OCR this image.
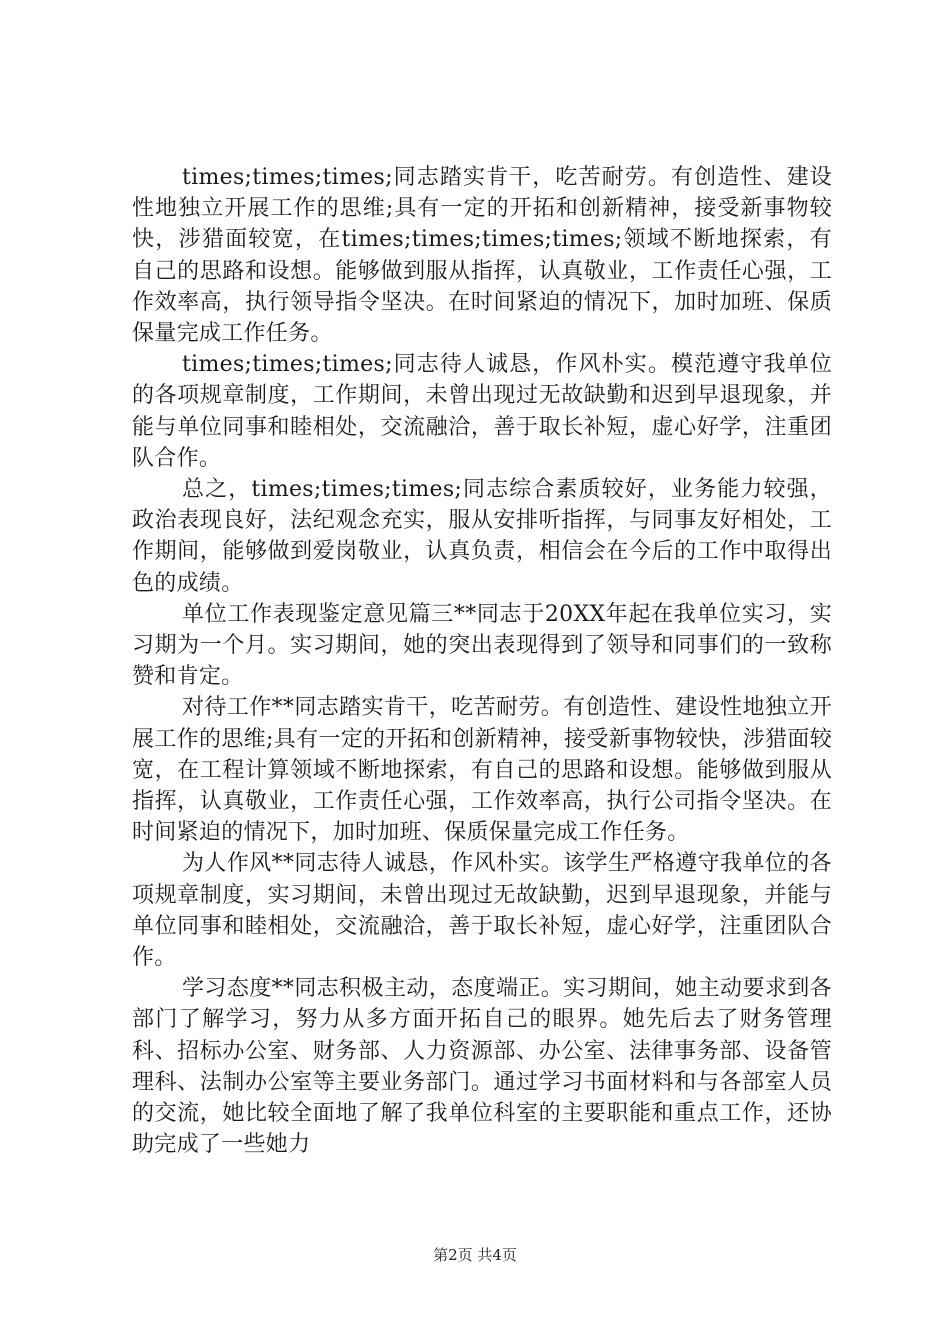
times;times;times;同志踏实肯干，吃苦耐劳。有创造性、建设性地独立开展工作的思维;具有一定的开拓和创新精神，接受新事物较快，涉猎面较宽，在times;times;times;times;领域不断地探索，有自己的思路和设想。能够做到服从指挥，认真敬业，工作责任心强，工作效率高，执行领导指令坚决。在时间紧迫的情况下，加时加班、保质保量完成工作任务。

times;times;times;同志待人诚恳，作风朴实。模范遵守我单位的各项规章制度，工作期间，未曾出现过无故缺勤和迟到早退现象，并能与单位同事和睦相处，交流融洽，善于取长补短，虚心好学，注重团队合作。

总之，times;times;times;同志综合素质较好，业务能力较强，政治表现良好，法纪观念充实，服从安排听指挥，与同事友好相处，工作期间，能够做到爱岗敬业，认真负责，相信会在今后的工作中取得出色的成绩。

单位工作表现鉴定意见篇三**同志于20XX年起在我单位实习，实习期为一个月。实习期间，她的突出表现得到了领导和同事们的一致称赞和肯定。

对待工作**同志踏实肯干，吃苦耐劳。有创造性、建设性地独立开展工作的思维;具有一定的开拓和创新精神，接受新事物较快，涉猎面较宽，在工程计算领域不断地探索，有自己的思路和设想。能够做到服从指挥，认真敬业，工作责任心强，工作效率高，执行公司指令坚决。在时间紧迫的情况下，加时加班、保质保量完成工作任务。

为人作风**同志待人诚恳，作风朴实。该学生严格遵守我单位的各项规章制度，实习期间，未曾出现过无故缺勤，迟到早退现象，并能与单位同事和睦相处，交流融洽，善于取长补短，虚心好学，注重团队合作。

学习态度**同志积极主动，态度端正。实习期间，她主动要求到各部门了解学习，努力从多方面开拓自己的眼界。她先后去了财务管理科、招标办公室、财务部、人力资源部、办公室、法律事务部、设备管理科、法制办公室等主要业务部门。通过学习书面材料和与各部室人员的交流，她比较全面地了解了我单位科室的主要职能和重点工作，还协助完成了一些她力

第2页 共4页
